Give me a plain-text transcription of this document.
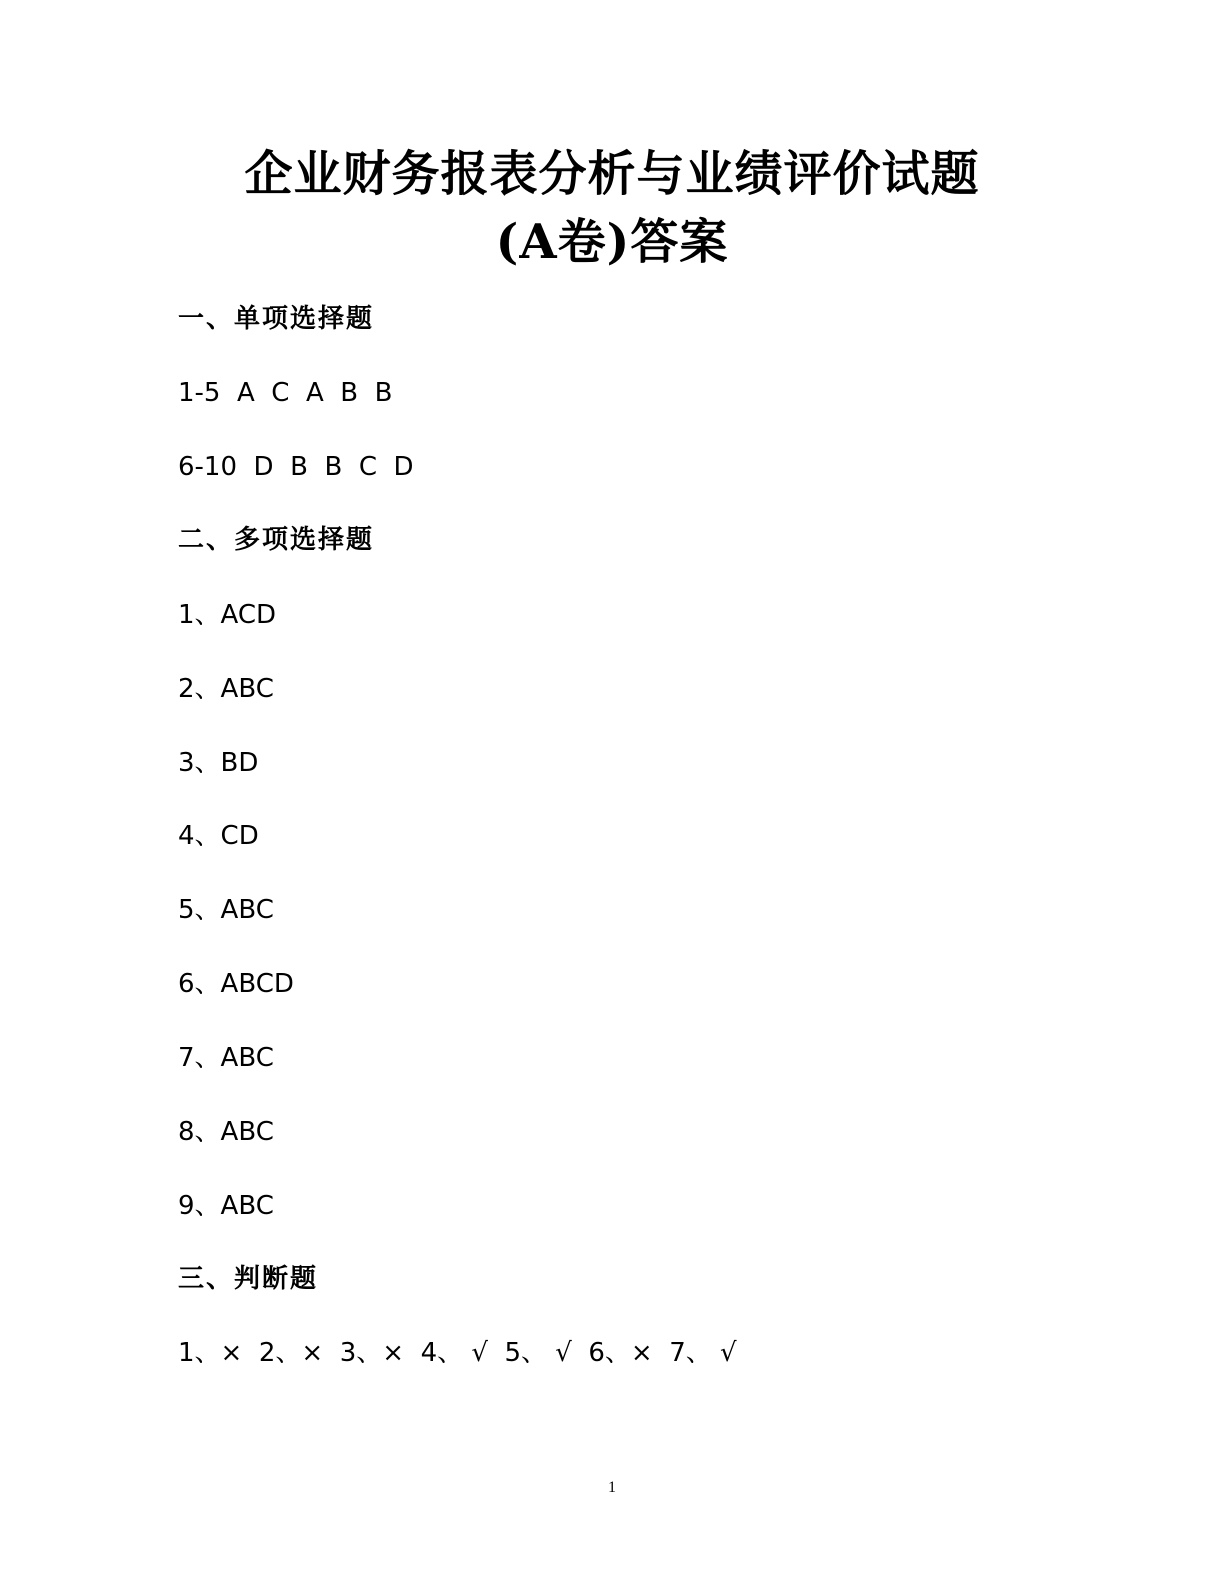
企业财务报表分析与业绩评价试题
(A卷)答案
一、单项选择题

1-5  A  C  A  B  B

6-10  D  B  B  C  D

二、多项选择题

1、ACD

2、ABC

3、BD

4、CD

5、ABC

6、ABCD

7、ABC

8、ABC

9、ABC

三、判断题

1、×  2、×  3、×  4、 √  5、 √  6、×  7、 √

1
